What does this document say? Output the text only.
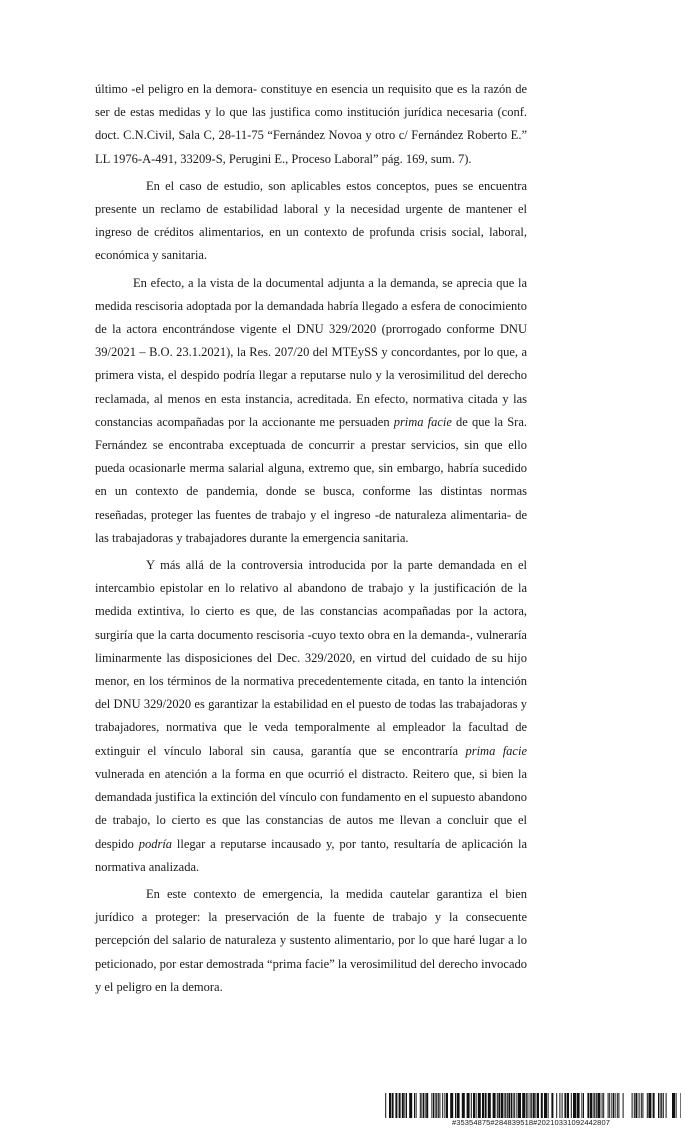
último -el peligro en la demora- constituye en esencia un requisito que es la razón de ser de estas medidas y lo que las justifica como institución jurídica necesaria (conf. doct. C.N.Civil, Sala C, 28-11-75 “Fernández Novoa y otro c/ Fernández Roberto E.” LL 1976-A-491, 33209-S, Perugini E., Proceso Laboral” pág. 169, sum. 7).

En el caso de estudio, son aplicables estos conceptos, pues se encuentra presente un reclamo de estabilidad laboral y la necesidad urgente de mantener el ingreso de créditos alimentarios, en un contexto de profunda crisis social, laboral, económica y sanitaria.

En efecto, a la vista de la documental adjunta a la demanda, se aprecia que la medida rescisoria adoptada por la demandada habría llegado a esfera de conocimiento de la actora encontrándose vigente el DNU 329/2020 (prorrogado conforme DNU 39/2021 – B.O. 23.1.2021), la Res. 207/20 del MTEySS y concordantes, por lo que, a primera vista, el despido podría llegar a reputarse nulo y la verosimilitud del derecho reclamada, al menos en esta instancia, acreditada. En efecto, normativa citada y las constancias acompañadas por la accionante me persuaden prima facie de que la Sra. Fernández se encontraba exceptuada de concurrir a prestar servicios, sin que ello pueda ocasionarle merma salarial alguna, extremo que, sin embargo, habría sucedido en un contexto de pandemia, donde se busca, conforme las distintas normas reseñadas, proteger las fuentes de trabajo y el ingreso -de naturaleza alimentaria- de las trabajadoras y trabajadores durante la emergencia sanitaria.

Y más allá de la controversia introducida por la parte demandada en el intercambio epistolar en lo relativo al abandono de trabajo y la justificación de la medida extintiva, lo cierto es que, de las constancias acompañadas por la actora, surgiría que la carta documento rescisoria -cuyo texto obra en la demanda-, vulneraría liminarmente las disposiciones del Dec. 329/2020, en virtud del cuidado de su hijo menor, en los términos de la normativa precedentemente citada, en tanto la intención del DNU 329/2020 es garantizar la estabilidad en el puesto de todas las trabajadoras y trabajadores, normativa que le veda temporalmente al empleador la facultad de extinguir el vínculo laboral sin causa, garantía que se encontraría prima facie vulnerada en atención a la forma en que ocurrió el distracto. Reitero que, si bien la demandada justifica la extinción del vínculo con fundamento en el supuesto abandono de trabajo, lo cierto es que las constancias de autos me llevan a concluir que el despido podría llegar a reputarse incausado y, por tanto, resultaría de aplicación la normativa analizada.

En este contexto de emergencia, la medida cautelar garantiza el bien jurídico a proteger: la preservación de la fuente de trabajo y la consecuente percepción del salario de naturaleza y sustento alimentario, por lo que haré lugar a lo peticionado, por estar demostrada “prima facie” la verosimilitud del derecho invocado y el peligro en la demora.

#35354875#284839518#20210331092442807
